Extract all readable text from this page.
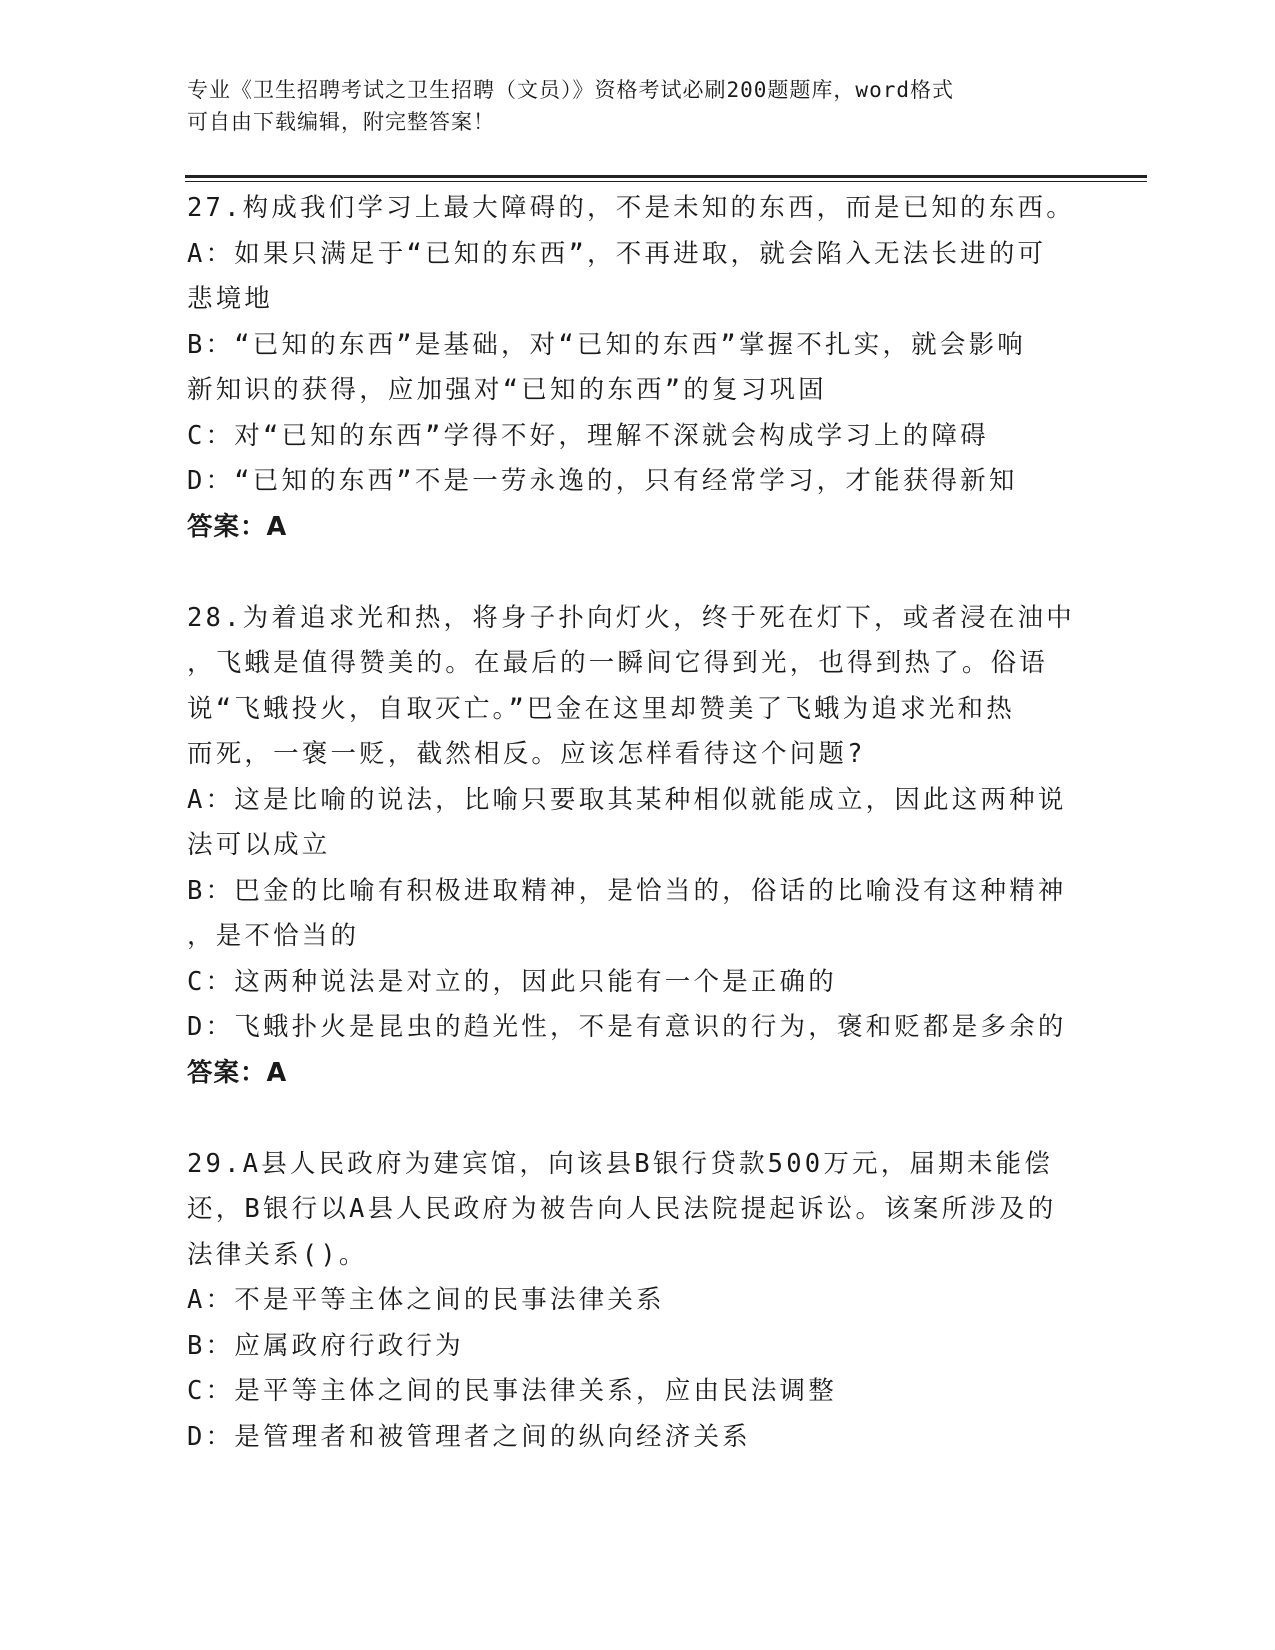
专业《卫生招聘考试之卫生招聘（文员）》资格考试必刷200题题库，word格式
可自由下载编辑，附完整答案！
27.构成我们学习上最大障碍的，不是未知的东西，而是已知的东西。
A：如果只满足于“已知的东西”，不再进取，就会陷入无法长进的可
悲境地
B：“已知的东西”是基础，对“已知的东西”掌握不扎实，就会影响
新知识的获得，应加强对“已知的东西”的复习巩固
C：对“已知的东西”学得不好，理解不深就会构成学习上的障碍
D：“已知的东西”不是一劳永逸的，只有经常学习，才能获得新知
答案：A
28.为着追求光和热，将身子扑向灯火，终于死在灯下，或者浸在油中
，飞蛾是值得赞美的。在最后的一瞬间它得到光，也得到热了。俗语
说“飞蛾投火，自取灭亡。”巴金在这里却赞美了飞蛾为追求光和热
而死，一褒一贬，截然相反。应该怎样看待这个问题?
A：这是比喻的说法，比喻只要取其某种相似就能成立，因此这两种说
法可以成立
B：巴金的比喻有积极进取精神，是恰当的，俗话的比喻没有这种精神
，是不恰当的
C：这两种说法是对立的，因此只能有一个是正确的
D：飞蛾扑火是昆虫的趋光性，不是有意识的行为，褒和贬都是多余的
答案：A
29.A县人民政府为建宾馆，向该县B银行贷款500万元，届期未能偿
还，B银行以A县人民政府为被告向人民法院提起诉讼。该案所涉及的
法律关系()。
A：不是平等主体之间的民事法律关系
B：应属政府行政行为
C：是平等主体之间的民事法律关系，应由民法调整
D：是管理者和被管理者之间的纵向经济关系
